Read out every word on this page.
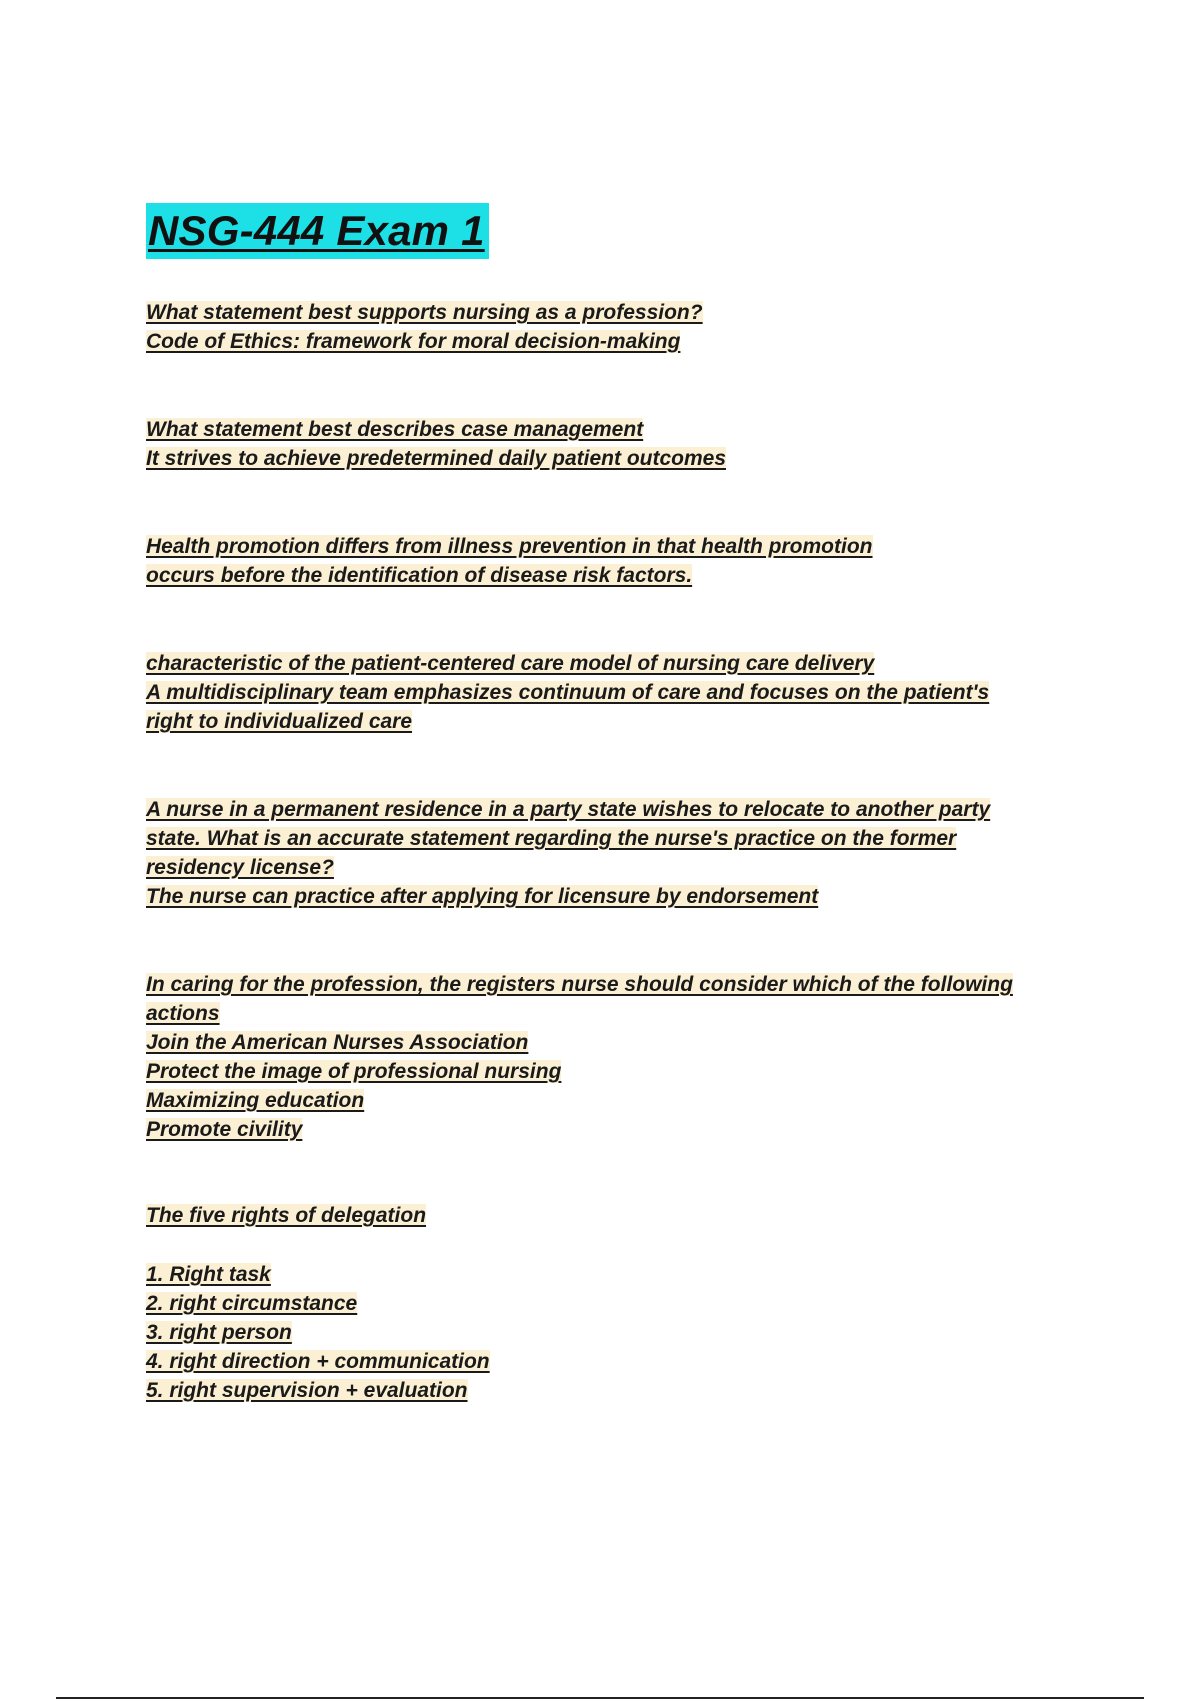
NSG-444 Exam 1
What statement best supports nursing as a profession?
Code of Ethics: framework for moral decision-making
What statement best describes case management
It strives to achieve predetermined daily patient outcomes
Health promotion differs from illness prevention in that health promotion
occurs before the identification of disease risk factors.
characteristic of the patient-centered care model of nursing care delivery
A multidisciplinary team emphasizes continuum of care and focuses on the patient's
right to individualized care
A nurse in a permanent residence in a party state wishes to relocate to another party
state. What is an accurate statement regarding the nurse's practice on the former
residency license?
The nurse can practice after applying for licensure by endorsement
In caring for the profession, the registers nurse should consider which of the following
actions
Join the American Nurses Association
Protect the image of professional nursing
Maximizing education
Promote civility
The five rights of delegation
1. Right task
2. right circumstance
3. right person
4. right direction + communication
5. right supervision + evaluation
